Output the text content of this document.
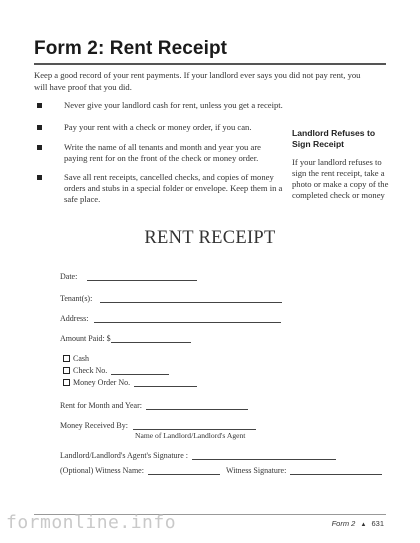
Form 2: Rent Receipt

Keep a good record of your rent payments. If your landlord ever says you did not pay rent, you will have proof that you did.

Never give your landlord cash for rent, unless you get a receipt.
Pay your rent with a check or money order, if you can.
Write the name of all tenants and month and year you are paying rent for on the front of the check or money order.
Save all rent receipts, cancelled checks, and copies of money orders and stubs in a special folder or envelope. Keep them in a safe place.
Landlord Refuses to Sign Receipt
If your landlord refuses to sign the rent receipt, take a photo or make a copy of the completed check or money
RENT RECEIPT
Date:
Tenant(s):
Address:
Amount Paid: $
Cash
Check No.
Money Order No.
Rent for Month and Year:
Money Received By:
Name of Landlord/Landlord's Agent
Landlord/Landlord's Agent's Signature :
(Optional) Witness Name:	Witness Signature:
formonline.info	Form 2 ▲ 631
